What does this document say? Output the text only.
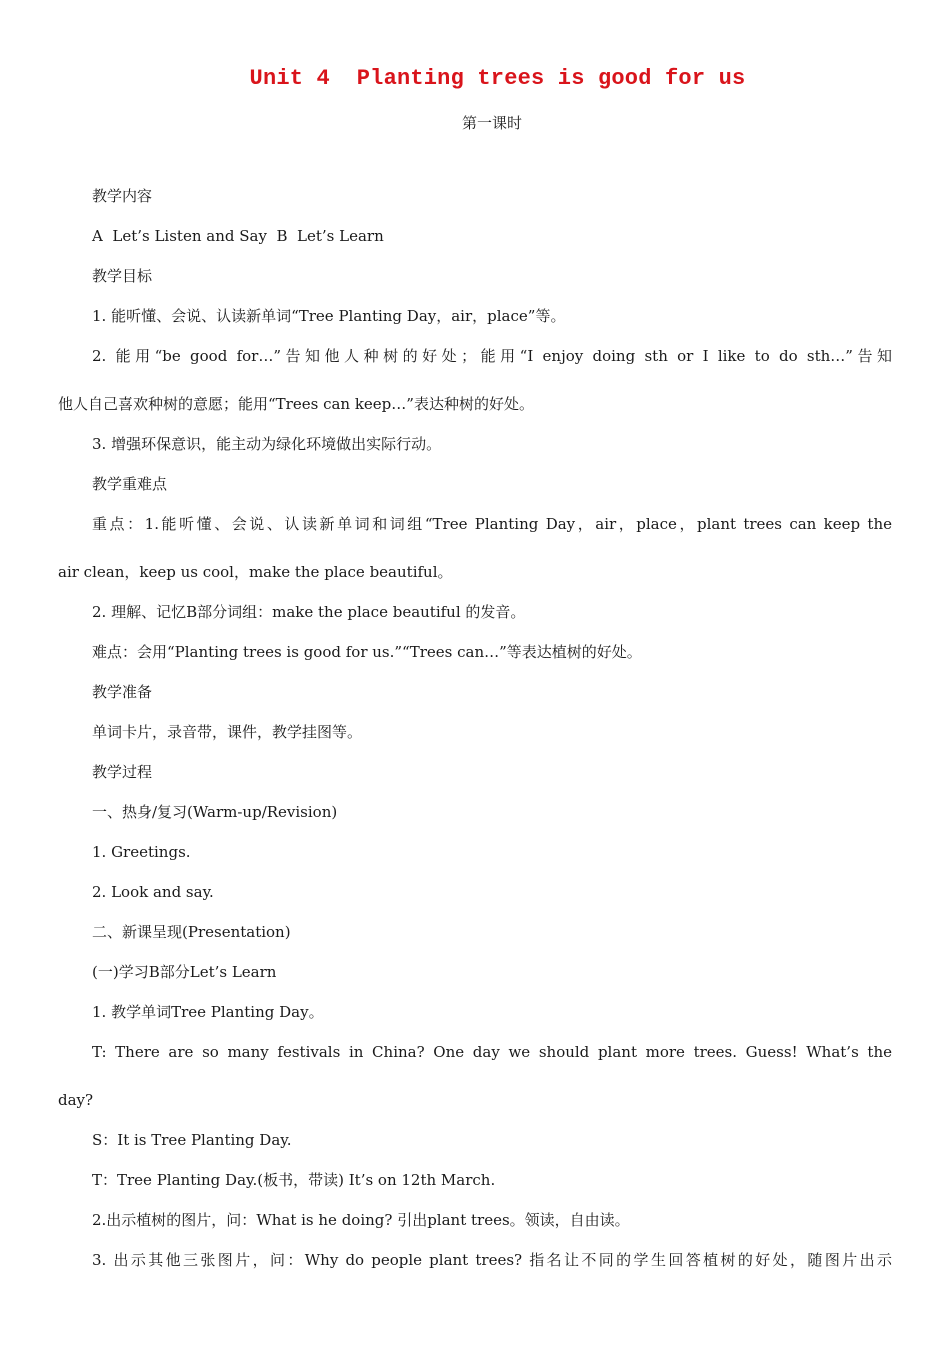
Unit 4  Planting trees is good for us
第一课时
教学内容
A  Let’s Listen and Say  B  Let’s Learn
教学目标
1. 能听懂、会说、认读新单词“Tree Planting Day，air，place”等。
2. 能用“be good for…”告知他人种树的好处；能用“I enjoy doing sth or I like to do sth…”告知
他人自己喜欢种树的意愿；能用“Trees can keep…”表达种树的好处。
3. 增强环保意识，能主动为绿化环境做出实际行动。
教学重难点
重点：1.能听懂、会说、认读新单词和词组“Tree Planting Day，air，place，plant trees can keep the
air clean，keep us cool，make the place beautiful。
2. 理解、记忆B部分词组：make the place beautiful 的发音。
难点：会用“Planting trees is good for us.”“Trees can…”等表达植树的好处。
教学准备
单词卡片，录音带，课件，教学挂图等。
教学过程
一、热身/复习(Warm-up/Revision)
1. Greetings.
2. Look and say.
二、新课呈现(Presentation)
(一)学习B部分Let’s Learn
1. 教学单词Tree Planting Day。
T: There are so many festivals in China? One day we should plant more trees. Guess! What’s the
day?
S：It is Tree Planting Day.
T：Tree Planting Day.(板书，带读) It’s on 12th March.
2.出示植树的图片，问：What is he doing? 引出plant trees。领读，自由读。
3. 出示其他三张图片，问：Why do people plant trees? 指名让不同的学生回答植树的好处，随图片出示
